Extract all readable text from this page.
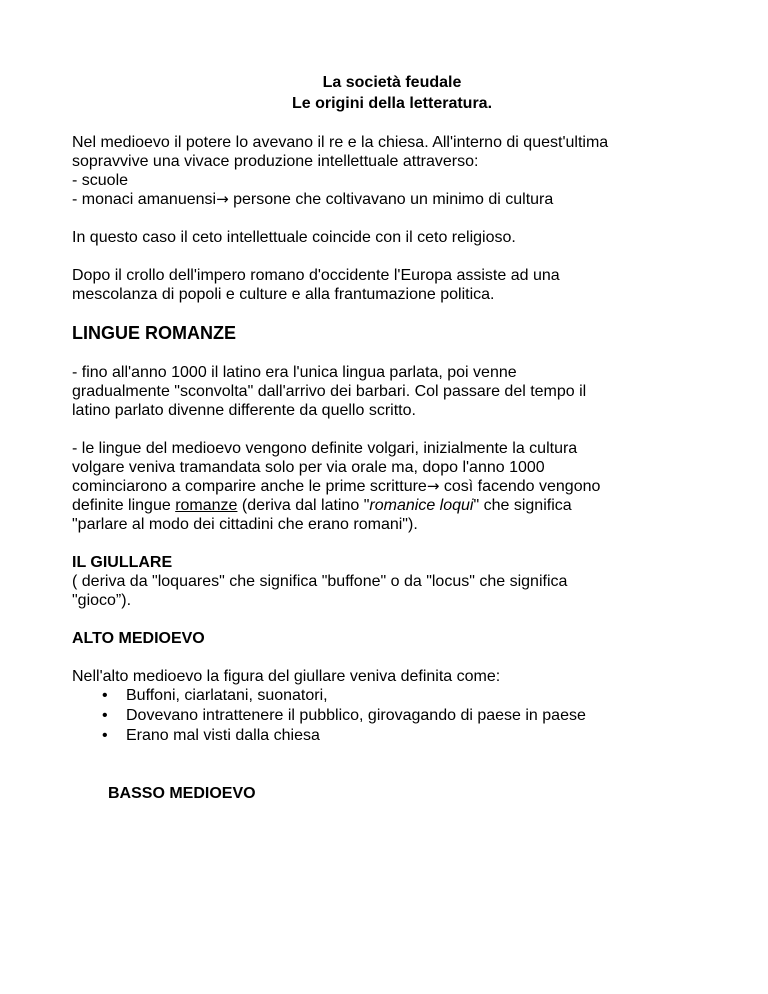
La società feudale

Le origini della letteratura.

Nel medioevo il potere lo avevano il re e la chiesa. All'interno di quest'ultima

sopravvive una vivace produzione intellettuale attraverso:

- scuole

- monaci amanuensi→ persone che coltivavano un minimo di cultura

In questo caso il ceto intellettuale coincide con il ceto religioso.

Dopo il crollo dell'impero romano d'occidente l'Europa assiste ad una

mescolanza di popoli e culture e alla frantumazione politica.

LINGUE ROMANZE

- fino all'anno 1000 il latino era l'unica lingua parlata, poi venne

gradualmente "sconvolta" dall'arrivo dei barbari. Col passare del tempo il

latino parlato divenne differente da quello scritto.

- le lingue del medioevo vengono definite volgari, inizialmente la cultura

volgare veniva tramandata solo per via orale ma, dopo l'anno 1000

cominciarono a comparire anche le prime scritture→ così facendo vengono

definite lingue romanze (deriva dal latino "romanice loqui" che significa

"parlare al modo dei cittadini che erano romani").

IL GIULLARE

( deriva da "loquares" che significa "buffone" o da "locus" che significa

"gioco”).

ALTO MEDIOEVO

Nell'alto medioevo la figura del giullare veniva definita come:

• Buffoni, ciarlatani, suonatori,
• Dovevano intrattenere il pubblico, girovagando di paese in paese
• Erano mal visti dalla chiesa

BASSO MEDIOEVO
